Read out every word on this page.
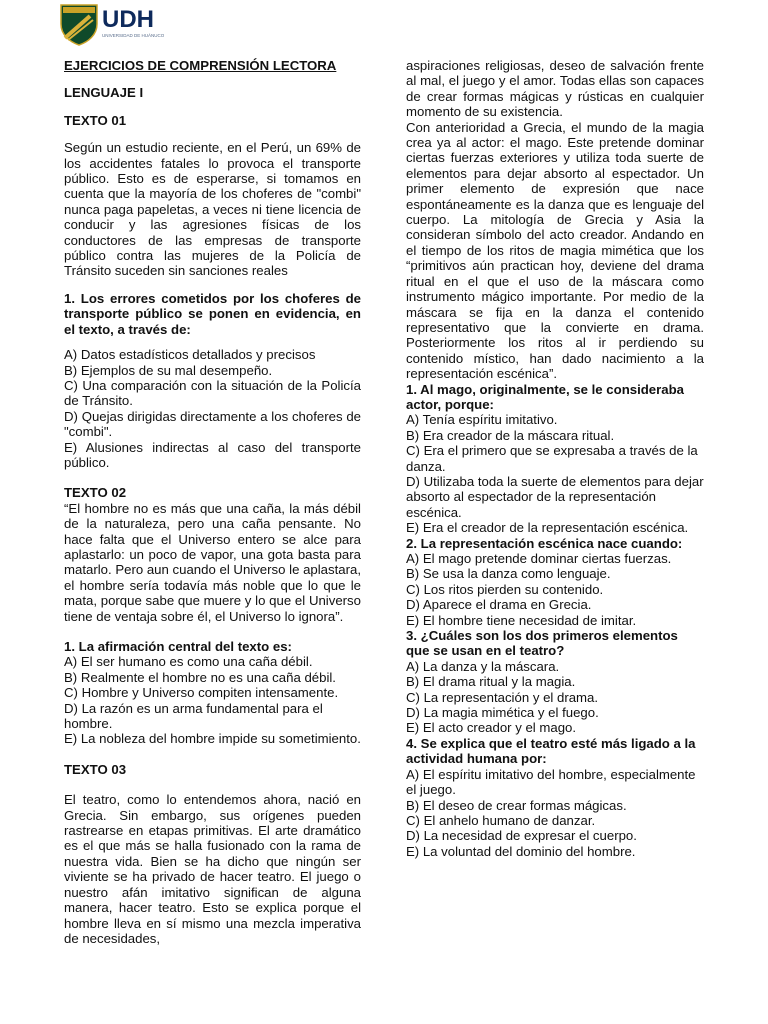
UDH
UNIVERSIDAD DE HUÁNUCO

EJERCICIOS DE COMPRENSIÓN LECTORA

LENGUAJE I

TEXTO 01

Según un estudio reciente, en el Perú, un 69% de los accidentes fatales lo provoca el transporte público. Esto es de esperarse, si tomamos en cuenta que la mayoría de los choferes de "combi" nunca paga papeletas, a veces ni tiene licencia de conducir y las agresiones físicas de los conductores de las empresas de transporte público contra las mujeres de la Policía de Tránsito suceden sin sanciones reales

1. Los errores cometidos por los choferes de transporte público se ponen en evidencia, en el texto, a través de:

A) Datos estadísticos detallados y precisos

B) Ejemplos de su mal desempeño.

C) Una comparación con la situación de la Policía de Tránsito.

D) Quejas dirigidas directamente a los choferes de "combi".

E) Alusiones indirectas al caso del transporte público.

TEXTO 02

“El hombre no es más que una caña, la más débil de la naturaleza, pero una caña pensante. No hace falta que el Universo entero se alce para aplastarlo: un poco de vapor, una gota basta para matarlo. Pero aun cuando el Universo le aplastara, el hombre sería todavía más noble que lo que le mata, porque sabe que muere y lo que el Universo tiene de ventaja sobre él, el Universo lo ignora”.

1. La afirmación central del texto es:

A) El ser humano es como una caña débil.

B) Realmente el hombre no es una caña débil.

C) Hombre y Universo compiten intensamente.

D) La razón es un arma fundamental para el hombre.

E) La nobleza del hombre impide su sometimiento.

TEXTO 03

El teatro, como lo entendemos ahora, nació en Grecia. Sin embargo, sus orígenes pueden rastrearse en etapas primitivas. El arte dramático es el que más se halla fusionado con la rama de nuestra vida. Bien se ha dicho que ningún ser viviente se ha privado de hacer teatro. El juego o nuestro afán imitativo significan de alguna manera, hacer teatro. Esto se explica porque el hombre lleva en sí mismo una mezcla imperativa de necesidades,

aspiraciones religiosas, deseo de salvación frente al mal, el juego y el amor. Todas ellas son capaces de crear formas mágicas y rústicas en cualquier momento de su existencia.

Con anterioridad a Grecia, el mundo de la magia crea ya al actor: el mago. Este pretende dominar ciertas fuerzas exteriores y utiliza toda suerte de elementos para dejar absorto al espectador. Un primer elemento de expresión que nace espontáneamente es la danza que es lenguaje del cuerpo. La mitología de Grecia y Asia la consideran símbolo del acto creador. Andando en el tiempo de los ritos de magia mimética que los “primitivos aún practican hoy, deviene del drama ritual en el que el uso de la máscara como instrumento mágico importante. Por medio de la máscara se fija en la danza el contenido representativo que la convierte en drama. Posteriormente los ritos al ir perdiendo su contenido místico, han dado nacimiento a la representación escénica”.

1. Al mago, originalmente, se le consideraba actor, porque:

A) Tenía espíritu imitativo.

B) Era creador de la máscara ritual.

C) Era el primero que se expresaba a través de la danza.

D) Utilizaba toda la suerte de elementos para dejar absorto al espectador de la representación escénica.

E) Era el creador de la representación escénica.

2. La representación escénica nace cuando:

A) El mago pretende dominar ciertas fuerzas.

B) Se usa la danza como lenguaje.

C) Los ritos pierden su contenido.

D) Aparece el drama en Grecia.

E) El hombre tiene necesidad de imitar.

3. ¿Cuáles son los dos primeros elementos que se usan en el teatro?

A) La danza y la máscara.

B) El drama ritual y la magia.

C) La representación y el drama.

D) La magia mimética y el fuego.

E) El acto creador y el mago.

4. Se explica que el teatro esté más ligado a la actividad humana por:

A) El espíritu imitativo del hombre, especialmente el juego.

B) El deseo de crear formas mágicas.

C) El anhelo humano de danzar.

D) La necesidad de expresar el cuerpo.

E) La voluntad del dominio del hombre.
